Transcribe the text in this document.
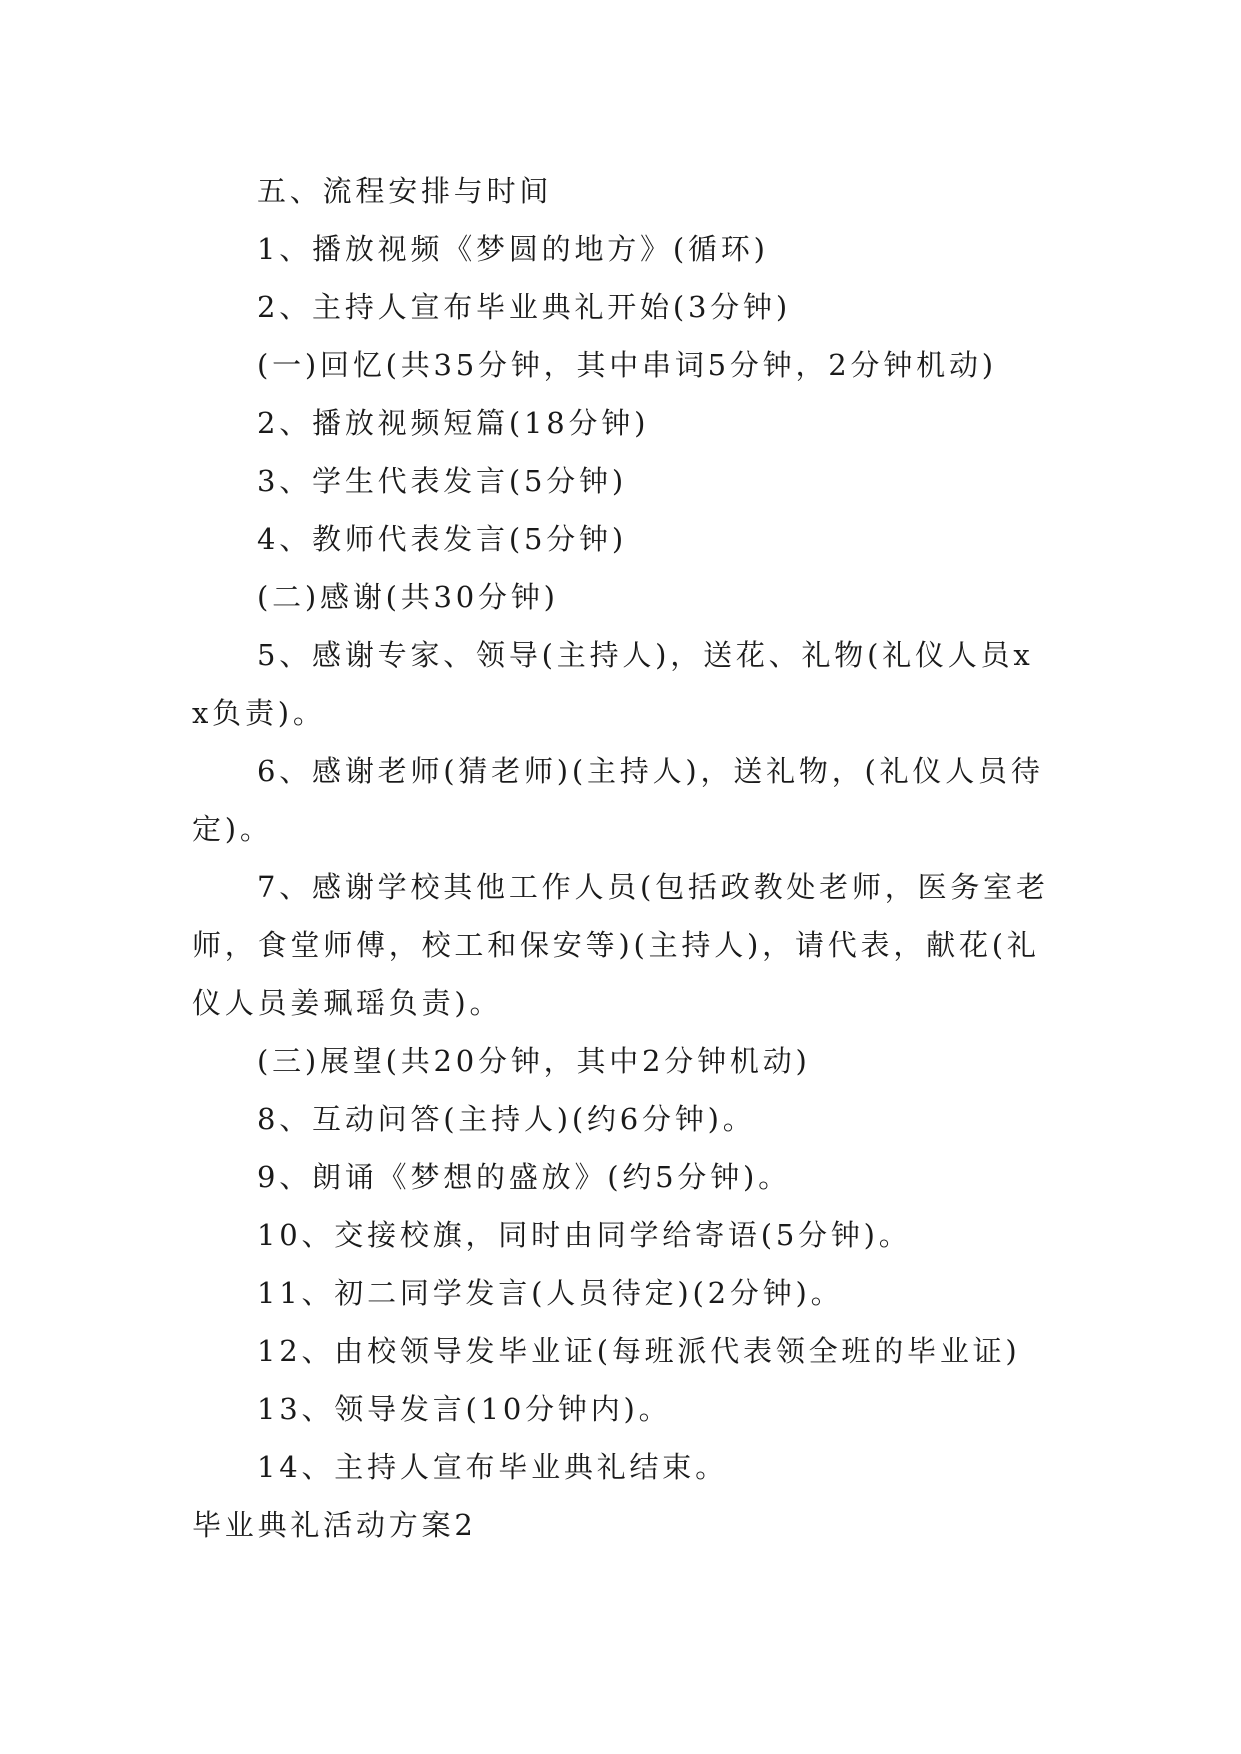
五、流程安排与时间

1、播放视频《梦圆的地方》(循环)

2、主持人宣布毕业典礼开始(3分钟)

(一)回忆(共35分钟，其中串词5分钟，2分钟机动)

2、播放视频短篇(18分钟)

3、学生代表发言(5分钟)

4、教师代表发言(5分钟)

(二)感谢(共30分钟)

5、感谢专家、领导(主持人)，送花、礼物(礼仪人员xx负责)。

6、感谢老师(猜老师)(主持人)，送礼物，(礼仪人员待定)。

7、感谢学校其他工作人员(包括政教处老师，医务室老师，食堂师傅，校工和保安等)(主持人)，请代表，献花(礼仪人员姜珮瑶负责)。

(三)展望(共20分钟，其中2分钟机动)

8、互动问答(主持人)(约6分钟)。

9、朗诵《梦想的盛放》(约5分钟)。

10、交接校旗，同时由同学给寄语(5分钟)。

11、初二同学发言(人员待定)(2分钟)。

12、由校领导发毕业证(每班派代表领全班的毕业证)

13、领导发言(10分钟内)。

14、主持人宣布毕业典礼结束。

毕业典礼活动方案2
